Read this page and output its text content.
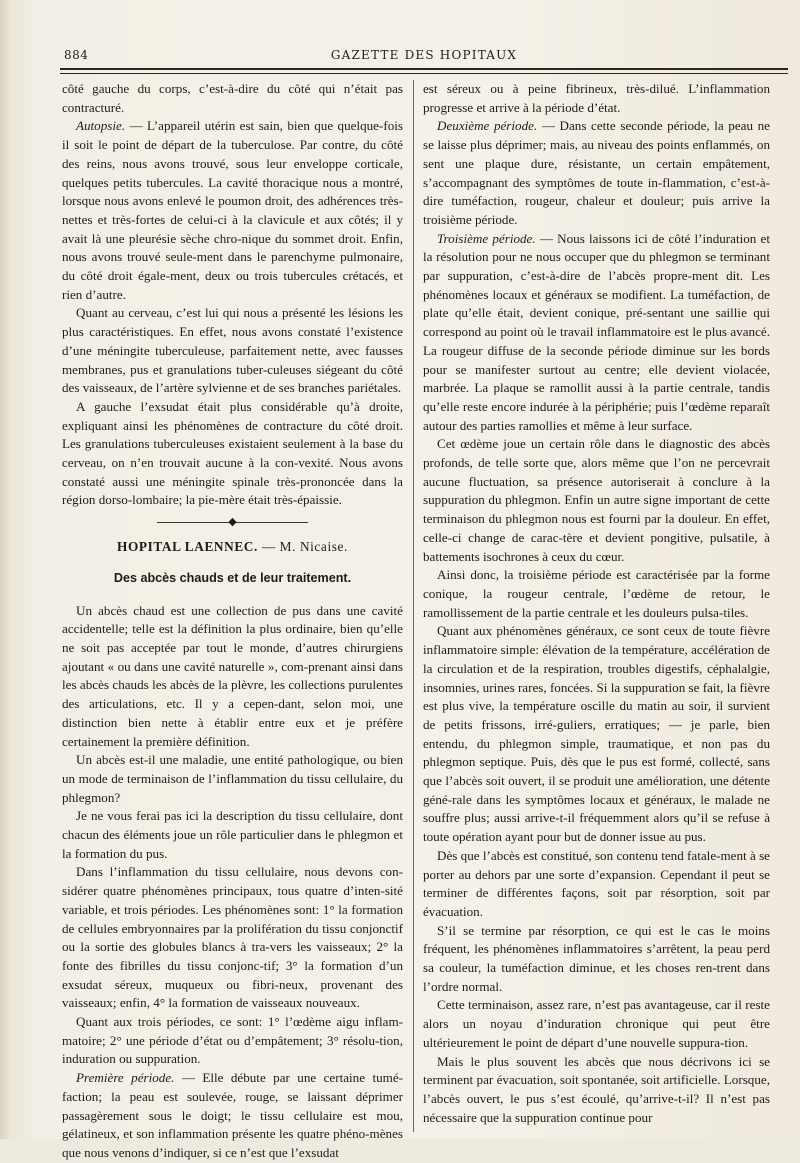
884	GAZETTE DES HOPITAUX

côté gauche du corps, c’est-à-dire du côté qui n’était pas contracturé.

Autopsie. — L’appareil utérin est sain, bien que quelque-fois il soit le point de départ de la tuberculose. Par contre, du côté des reins, nous avons trouvé, sous leur enveloppe corticale, quelques petits tubercules. La cavité thoracique nous a montré, lorsque nous avons enlevé le poumon droit, des adhérences très-nettes et très-fortes de celui-ci à la clavicule et aux côtés; il y avait là une pleurésie sèche chro-nique du sommet droit. Enfin, nous avons trouvé seule-ment dans le parenchyme pulmonaire, du côté droit égale-ment, deux ou trois tubercules crétacés, et rien d’autre.

Quant au cerveau, c’est lui qui nous a présenté les lésions les plus caractéristiques. En effet, nous avons constaté l’existence d’une méningite tuberculeuse, parfaitement nette, avec fausses membranes, pus et granulations tuber-culeuses siégeant du côté des vaisseaux, de l’artère sylvienne et de ses branches pariétales.

A gauche l’exsudat était plus considérable qu’à droite, expliquant ainsi les phénomènes de contracture du côté droit. Les granulations tuberculeuses existaient seulement à la base du cerveau, on n’en trouvait aucune à la con-vexité. Nous avons constaté aussi une méningite spinale très-prononcée dans la région dorso-lombaire; la pie-mère était très-épaissie.

◆
HOPITAL LAENNEC. — M. Nicaise.
Des abcès chauds et de leur traitement.

Un abcès chaud est une collection de pus dans une cavité accidentelle; telle est la définition la plus ordinaire, bien qu’elle ne soit pas acceptée par tout le monde, d’autres chirurgiens ajoutant « ou dans une cavité naturelle », com-prenant ainsi dans les abcès chauds les abcès de la plèvre, les collections purulentes des articulations, etc. Il y a cepen-dant, selon moi, une distinction bien nette à établir entre eux et je préfère certainement la première définition.

Un abcès est-il une maladie, une entité pathologique, ou bien un mode de terminaison de l’inflammation du tissu cellulaire, du phlegmon?

Je ne vous ferai pas ici la description du tissu cellulaire, dont chacun des éléments joue un rôle particulier dans le phlegmon et la formation du pus.

Dans l’inflammation du tissu cellulaire, nous devons con-sidérer quatre phénomènes principaux, tous quatre d’inten-sité variable, et trois périodes. Les phénomènes sont: 1° la formation de cellules embryonnaires par la prolifération du tissu conjonctif ou la sortie des globules blancs à tra-vers les vaisseaux; 2° la fonte des fibrilles du tissu conjonc-tif; 3° la formation d’un exsudat séreux, muqueux ou fibri-neux, provenant des vaisseaux; enfin, 4° la formation de vaisseaux nouveaux.

Quant aux trois périodes, ce sont: 1° l’œdème aigu inflam-matoire; 2° une période d’état ou d’empâtement; 3° résolu-tion, induration ou suppuration.

Première période. — Elle débute par une certaine tumé-faction; la peau est soulevée, rouge, se laissant déprimer passagèrement sous le doigt; le tissu cellulaire est mou, gélatineux, et son inflammation présente les quatre phéno-mènes que nous venons d’indiquer, si ce n’est que l’exsudat

est séreux ou à peine fibrineux, très-dilué. L’inflammation progresse et arrive à la période d’état.

Deuxième période. — Dans cette seconde période, la peau ne se laisse plus déprimer; mais, au niveau des points enflammés, on sent une plaque dure, résistante, un certain empâtement, s’accompagnant des symptômes de toute in-flammation, c’est-à-dire tuméfaction, rougeur, chaleur et douleur; puis arrive la troisième période.

Troisième période. — Nous laissons ici de côté l’induration et la résolution pour ne nous occuper que du phlegmon se terminant par suppuration, c’est-à-dire de l’abcès propre-ment dit. Les phénomènes locaux et généraux se modifient. La tuméfaction, de plate qu’elle était, devient conique, pré-sentant une saillie qui correspond au point où le travail inflammatoire est le plus avancé. La rougeur diffuse de la seconde période diminue sur les bords pour se manifester surtout au centre; elle devient violacée, marbrée. La plaque se ramollit aussi à la partie centrale, tandis qu’elle reste encore indurée à la périphérie; puis l’œdème reparaît autour des parties ramollies et même à leur surface.

Cet œdème joue un certain rôle dans le diagnostic des abcès profonds, de telle sorte que, alors même que l’on ne percevrait aucune fluctuation, sa présence autoriserait à conclure à la suppuration du phlegmon. Enfin un autre signe important de cette terminaison du phlegmon nous est fourni par la douleur. En effet, celle-ci change de carac-tère et devient pongitive, pulsatile, à battements isochrones à ceux du cœur.

Ainsi donc, la troisième période est caractérisée par la forme conique, la rougeur centrale, l’œdème de retour, le ramollissement de la partie centrale et les douleurs pulsa-tiles.

Quant aux phénomènes généraux, ce sont ceux de toute fièvre inflammatoire simple: élévation de la température, accélération de la circulation et de la respiration, troubles digestifs, céphalalgie, insomnies, urines rares, foncées. Si la suppuration se fait, la fièvre est plus vive, la température oscille du matin au soir, il survient de petits frissons, irré-guliers, erratiques; — je parle, bien entendu, du phlegmon simple, traumatique, et non pas du phlegmon septique. Puis, dès que le pus est formé, collecté, sans que l’abcès soit ouvert, il se produit une amélioration, une détente géné-rale dans les symptômes locaux et généraux, le malade ne souffre plus; aussi arrive-t-il fréquemment alors qu’il se refuse à toute opération ayant pour but de donner issue au pus.

Dès que l’abcès est constitué, son contenu tend fatale-ment à se porter au dehors par une sorte d’expansion. Cependant il peut se terminer de différentes façons, soit par résorption, soit par évacuation.

S’il se termine par résorption, ce qui est le cas le moins fréquent, les phénomènes inflammatoires s’arrêtent, la peau perd sa couleur, la tuméfaction diminue, et les choses ren-trent dans l’ordre normal.

Cette terminaison, assez rare, n’est pas avantageuse, car il reste alors un noyau d’induration chronique qui peut être ultérieurement le point de départ d’une nouvelle suppura-tion.

Mais le plus souvent les abcès que nous décrivons ici se terminent par évacuation, soit spontanée, soit artificielle. Lorsque, l’abcès ouvert, le pus s’est écoulé, qu’arrive-t-il? Il n’est pas nécessaire que la suppuration continue pour
